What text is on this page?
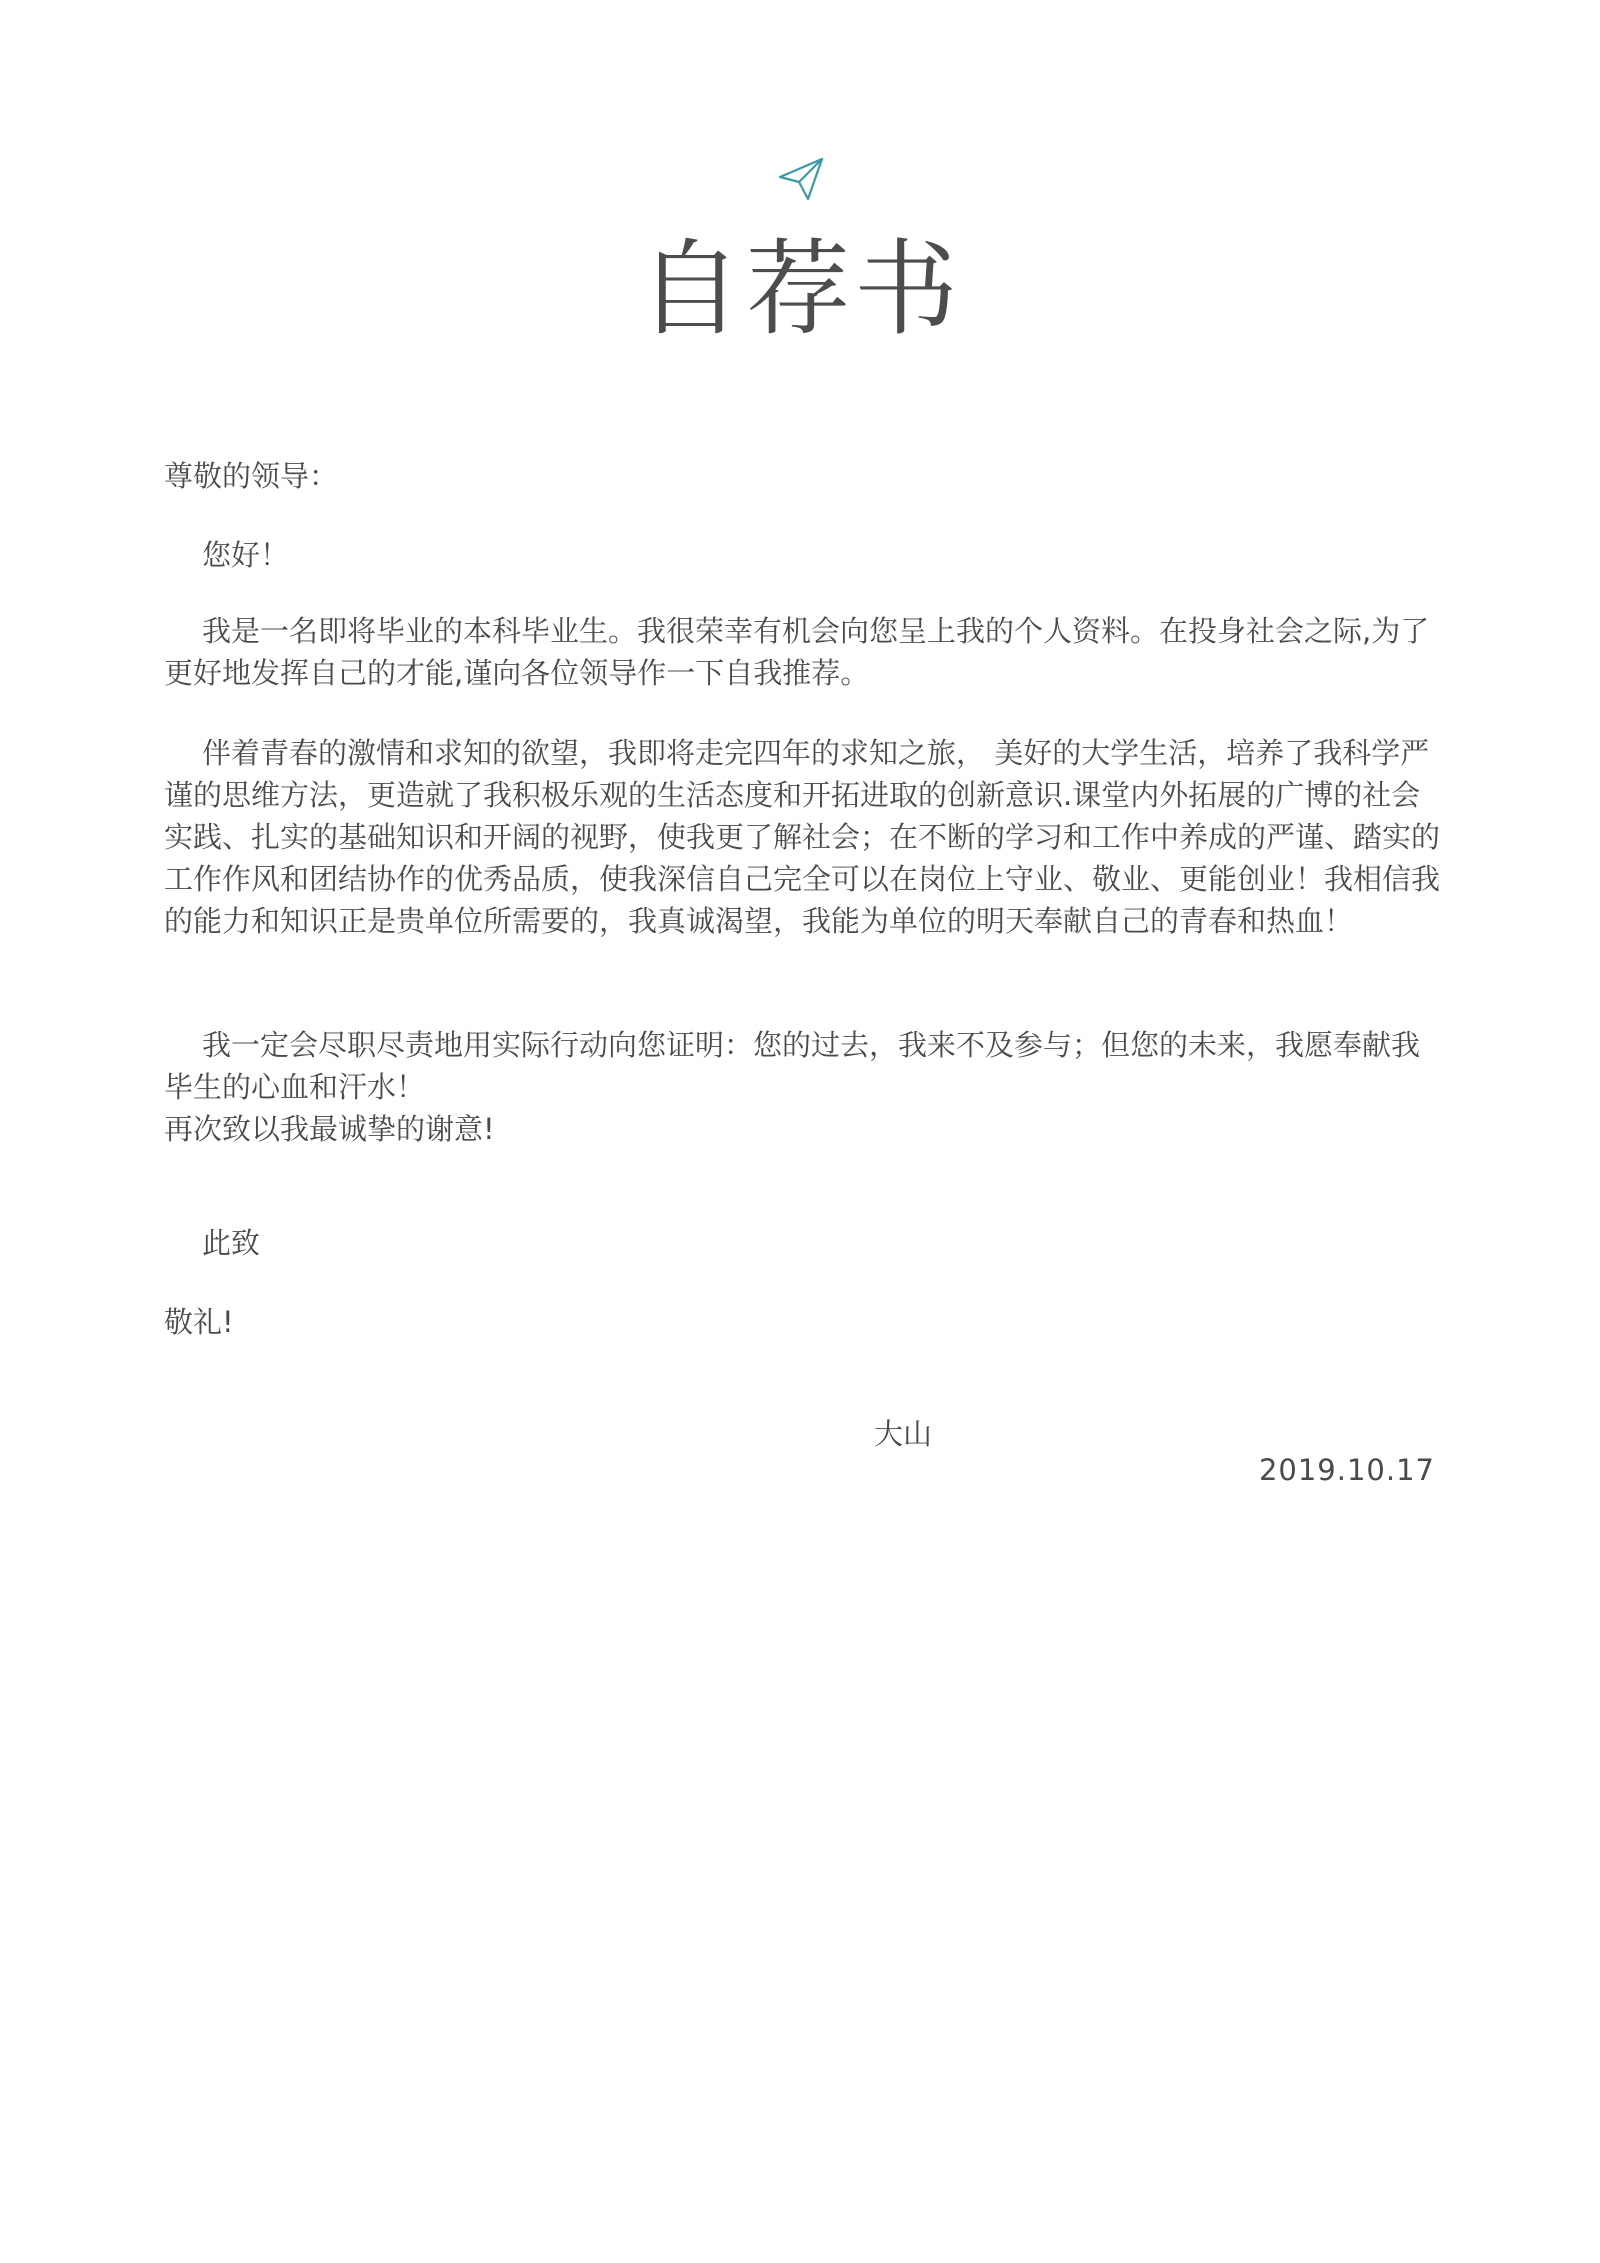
自荐书

尊敬的领导：

您好！

我是一名即将毕业的本科毕业生。我很荣幸有机会向您呈上我的个人资料。在投身社会之际,为了更好地发挥自己的才能,谨向各位领导作一下自我推荐。

伴着青春的激情和求知的欲望，我即将走完四年的求知之旅， 美好的大学生活，培养了我科学严谨的思维方法，更造就了我积极乐观的生活态度和开拓进取的创新意识.课堂内外拓展的广博的社会实践、扎实的基础知识和开阔的视野，使我更了解社会；在不断的学习和工作中养成的严谨、踏实的工作作风和团结协作的优秀品质，使我深信自己完全可以在岗位上守业、敬业、更能创业！我相信我的能力和知识正是贵单位所需要的，我真诚渴望，我能为单位的明天奉献自己的青春和热血！

我一定会尽职尽责地用实际行动向您证明：您的过去，我来不及参与；但您的未来，我愿奉献我毕生的心血和汗水！

再次致以我最诚挚的谢意!

此致

敬礼!

大山

2019.10.17
